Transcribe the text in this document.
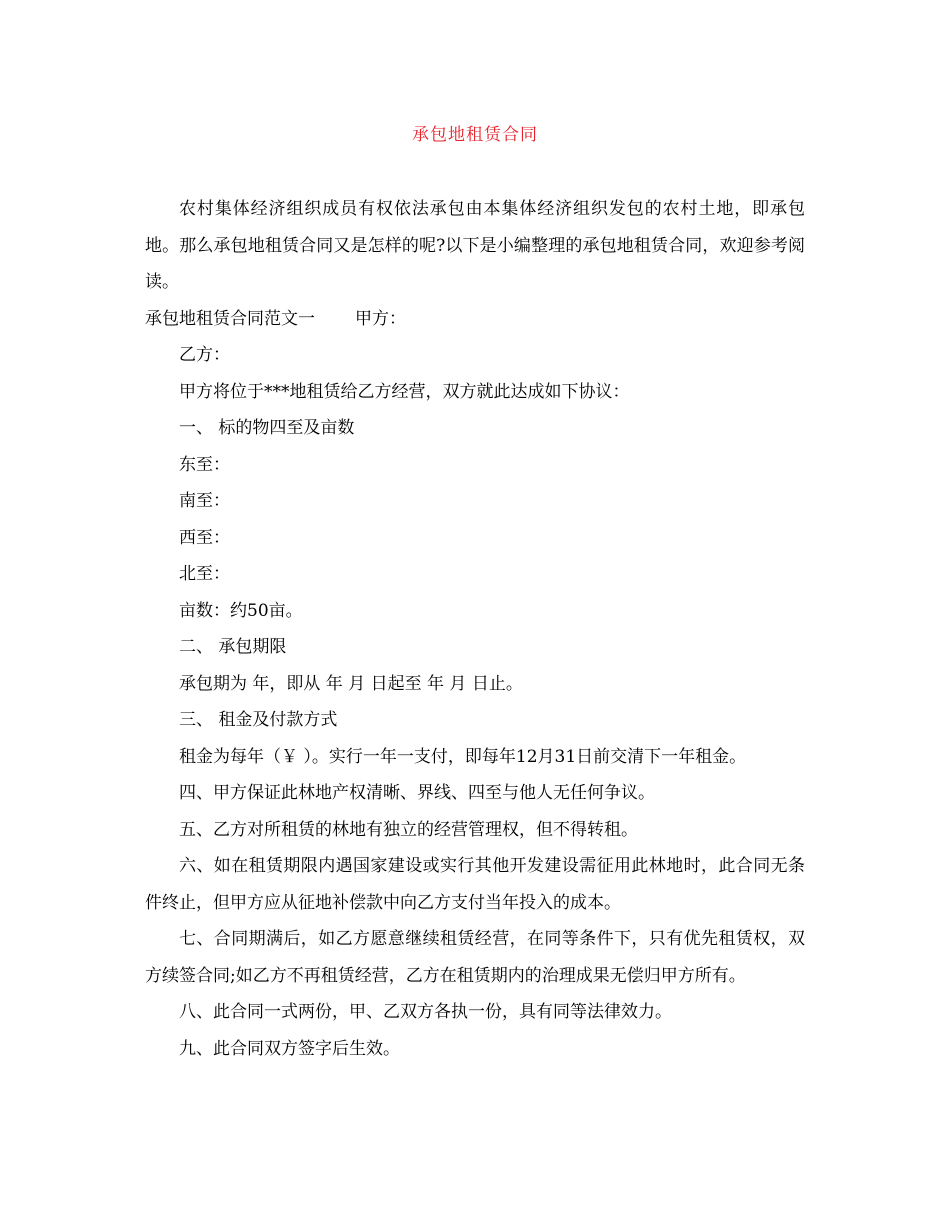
承包地租赁合同

农村集体经济组织成员有权依法承包由本集体经济组织发包的农村土地，即承包地。那么承包地租赁合同又是怎样的呢?以下是小编整理的承包地租赁合同，欢迎参考阅读。

承包地租赁合同范文一 甲方：

乙方：

甲方将位于***地租赁给乙方经营，双方就此达成如下协议：

一、 标的物四至及亩数

东至：

南至：

西至：

北至：

亩数：约50亩。

二、 承包期限

承包期为 年，即从 年 月 日起至 年 月 日止。

三、 租金及付款方式

租金为每年（￥ ）。实行一年一支付，即每年12月31日前交清下一年租金。

四、甲方保证此林地产权清晰、界线、四至与他人无任何争议。

五、乙方对所租赁的林地有独立的经营管理权，但不得转租。

六、如在租赁期限内遇国家建设或实行其他开发建设需征用此林地时，此合同无条件终止，但甲方应从征地补偿款中向乙方支付当年投入的成本。

七、合同期满后，如乙方愿意继续租赁经营，在同等条件下，只有优先租赁权，双方续签合同;如乙方不再租赁经营，乙方在租赁期内的治理成果无偿归甲方所有。

八、此合同一式两份，甲、乙双方各执一份，具有同等法律效力。

九、此合同双方签字后生效。
